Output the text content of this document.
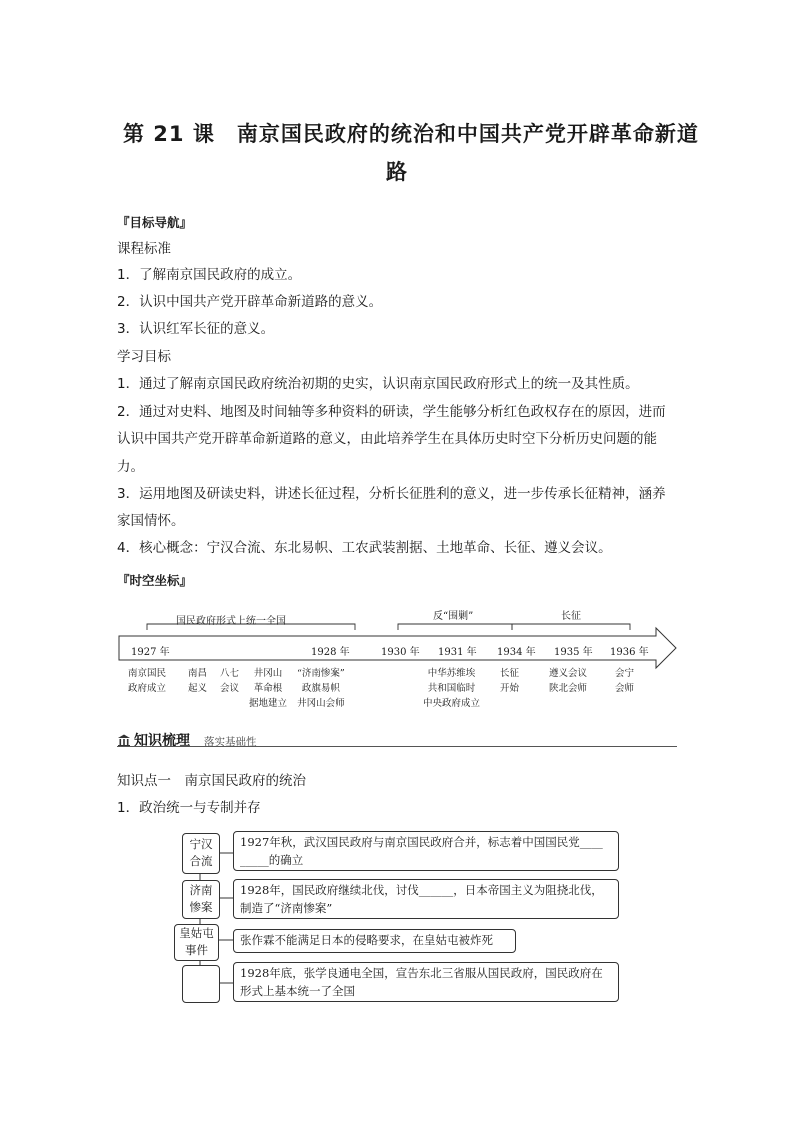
第 21 课　南京国民政府的统治和中国共产党开辟革命新道
路
『目标导航』
课程标准
1．了解南京国民政府的成立。
2．认识中国共产党开辟革命新道路的意义。
3．认识红军长征的意义。
学习目标
1．通过了解南京国民政府统治初期的史实，认识南京国民政府形式上的统一及其性质。
2．通过对史料、地图及时间轴等多种资料的研读，学生能够分析红色政权存在的原因，进而
认识中国共产党开辟革命新道路的意义，由此培养学生在具体历史时空下分析历史问题的能
力。
3．运用地图及研读史料，讲述长征过程，分析长征胜利的意义，进一步传承长征精神，涵养
家国情怀。
4．核心概念：宁汉合流、东北易帜、工农武装割据、土地革命、长征、遵义会议。
『时空坐标』
国民政府形式上统一全国	反“围剿”	长征
1927 年	1928 年	1930 年 1931 年 1934 年 1935 年 1936 年
南京国民
政府成立
南昌
起义
八七
会议
井冈山
革命根
据地建立
“济南惨案”
政旗易帜
井冈山会师
中华苏维埃
共和国临时
中央政府成立
长征
开始
遵义会议
陕北会师
会宁
会师
知识梳理 落实基础性
知识点一　南京国民政府的统治
1．政治统一与专制并存
宁汉
合流
1927年秋，武汉国民政府与南京国民政府合并，标志着中国国民党____
_____的确立
济南
惨案
1928年，国民政府继续北伐，讨伐______，日本帝国主义为阻挠北伐，
制造了“济南惨案”
皇姑屯
事件
张作霖不能满足日本的侵略要求，在皇姑屯被炸死
1928年底，张学良通电全国，宣告东北三省服从国民政府，国民政府在
形式上基本统一了全国
